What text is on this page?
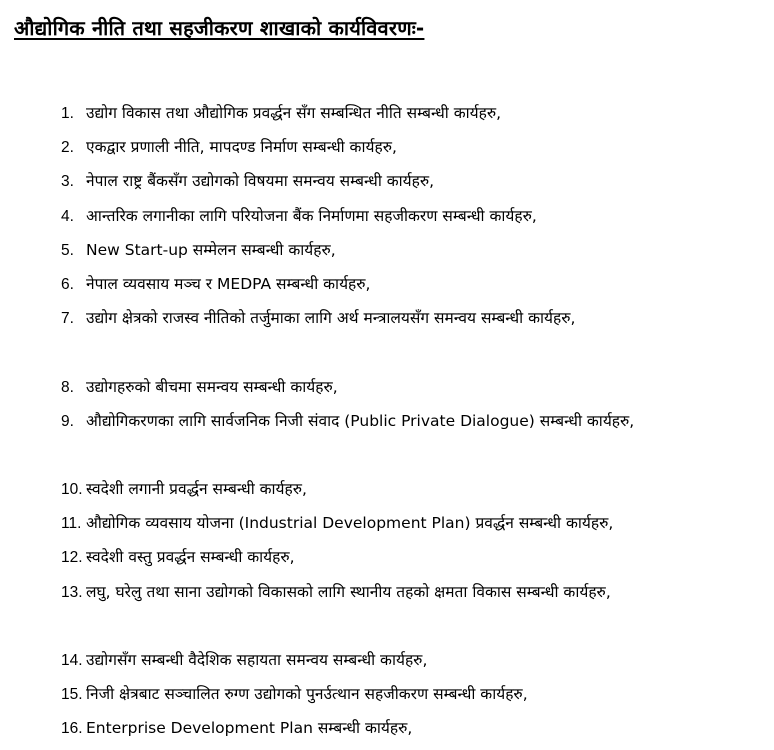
औद्योगिक नीति तथा सहजीकरण शाखाको कार्यविवरणः-
1. उद्योग विकास तथा औद्योगिक प्रवर्द्धन सँग सम्बन्धित नीति सम्बन्धी कार्यहरु,
2. एकद्वार प्रणाली नीति, मापदण्ड निर्माण सम्बन्धी कार्यहरु,
3. नेपाल राष्ट्र बैंकसँग उद्योगको विषयमा समन्वय सम्बन्धी कार्यहरु,
4. आन्तरिक लगानीका लागि परियोजना बैंक निर्माणमा सहजीकरण सम्बन्धी कार्यहरु,
5. New Start-up सम्मेलन सम्बन्धी कार्यहरु,
6. नेपाल व्यवसाय मञ्च र MEDPA सम्बन्धी कार्यहरु,
7. उद्योग क्षेत्रको राजस्व नीतिको तर्जुमाका लागि अर्थ मन्त्रालयसँग समन्वय सम्बन्धी कार्यहरु,
8. उद्योगहरुको बीचमा समन्वय सम्बन्धी कार्यहरु,
9. औद्योगिकरणका लागि सार्वजनिक निजी संवाद (Public Private Dialogue) सम्बन्धी कार्यहरु,
10. स्वदेशी लगानी प्रवर्द्धन सम्बन्धी कार्यहरु,
11. औद्योगिक व्यवसाय योजना (Industrial Development Plan) प्रवर्द्धन सम्बन्धी कार्यहरु,
12. स्वदेशी वस्तु प्रवर्द्धन सम्बन्धी कार्यहरु,
13. लघु, घरेलु तथा साना उद्योगको विकासको लागि स्थानीय तहको क्षमता विकास सम्बन्धी कार्यहरु,
14. उद्योगसँग सम्बन्धी वैदेशिक सहायता समन्वय सम्बन्धी कार्यहरु,
15. निजी क्षेत्रबाट सञ्चालित रुग्ण उद्योगको पुनर्उत्थान सहजीकरण सम्बन्धी कार्यहरु,
16. Enterprise Development Plan सम्बन्धी कार्यहरु,
